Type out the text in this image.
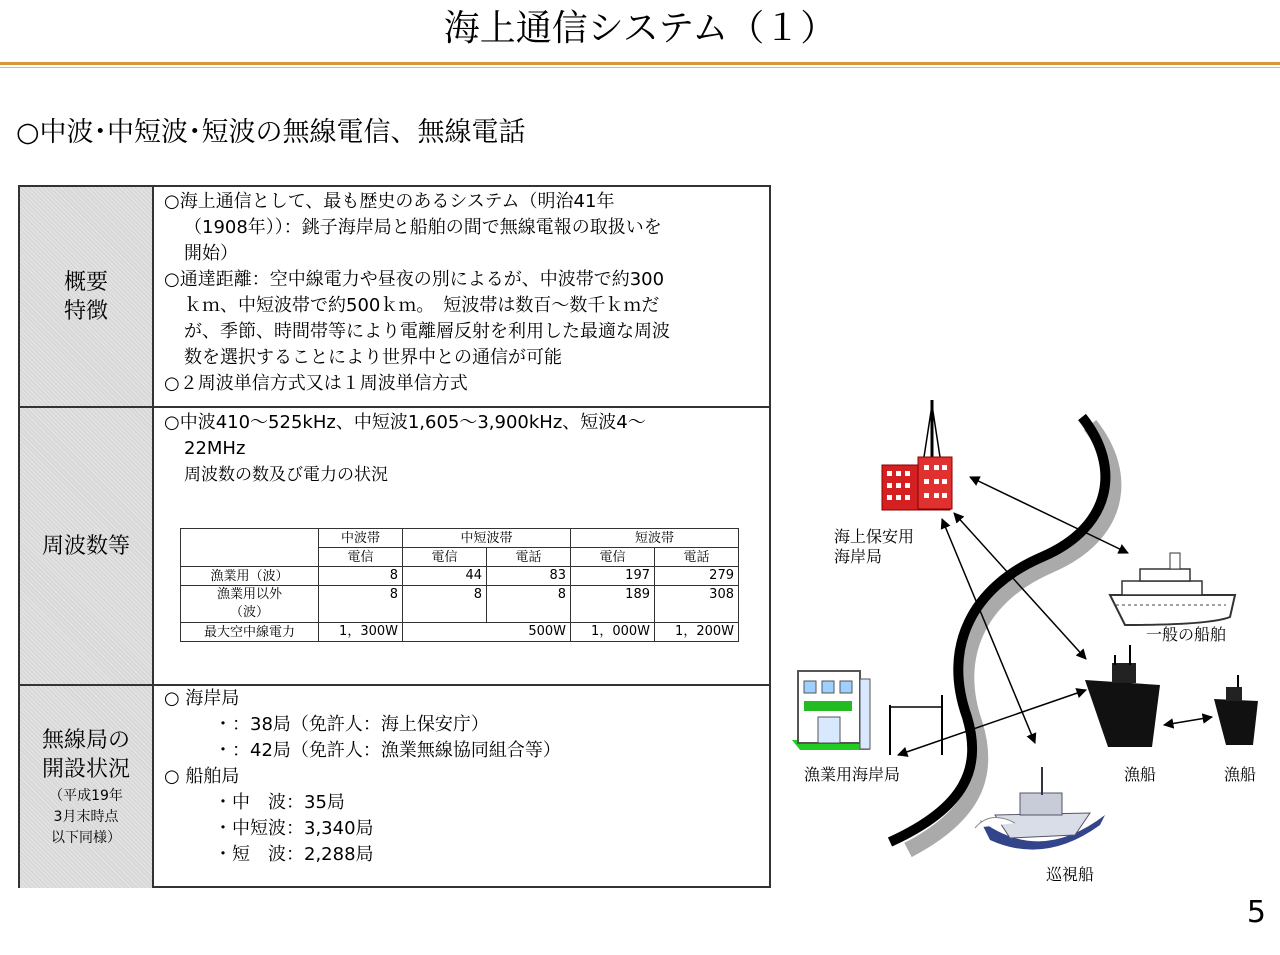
海上通信システム（１）
○中波･中短波･短波の無線電信、無線電話
概要
特徴
○海上通信として、最も歴史のあるシステム（明治41年
（1908年））：銚子海岸局と船舶の間で無線電報の取扱いを
開始）
○通達距離：空中線電力や昼夜の別によるが、中波帯で約300
ｋｍ、中短波帯で約500ｋｍ。　短波帯は数百～数千ｋｍだ
が、季節、時間帯等により電離層反射を利用した最適な周波
数を選択することにより世界中との通信が可能
○２周波単信方式又は１周波単信方式
周波数等
○中波410～525kHz、中短波1,605～3,900kHz、短波4～
22MHz
周波数の数及び電力の状況
無線局の
開設状況
（平成19年
3月末時点
以下同様）
○ 海岸局
・：38局（免許人：海上保安庁）
・：42局（免許人：漁業無線協同組合等）
○ 船舶局
・中　波：35局
・中短波：3,340局
・短　波：2,288局
	中波帯	中短波帯		短波帯	
	電信	電信	電話	電信	電話
漁業用（波）	8	44	83	197	279

漁業用以外
（波）	8	8	8	189	308
最大空中線電力	1，300W	500W		1，000W	1，200W
海上保安用
海岸局
一般の船舶
漁業用海岸局	漁船	漁船
巡視船
5
